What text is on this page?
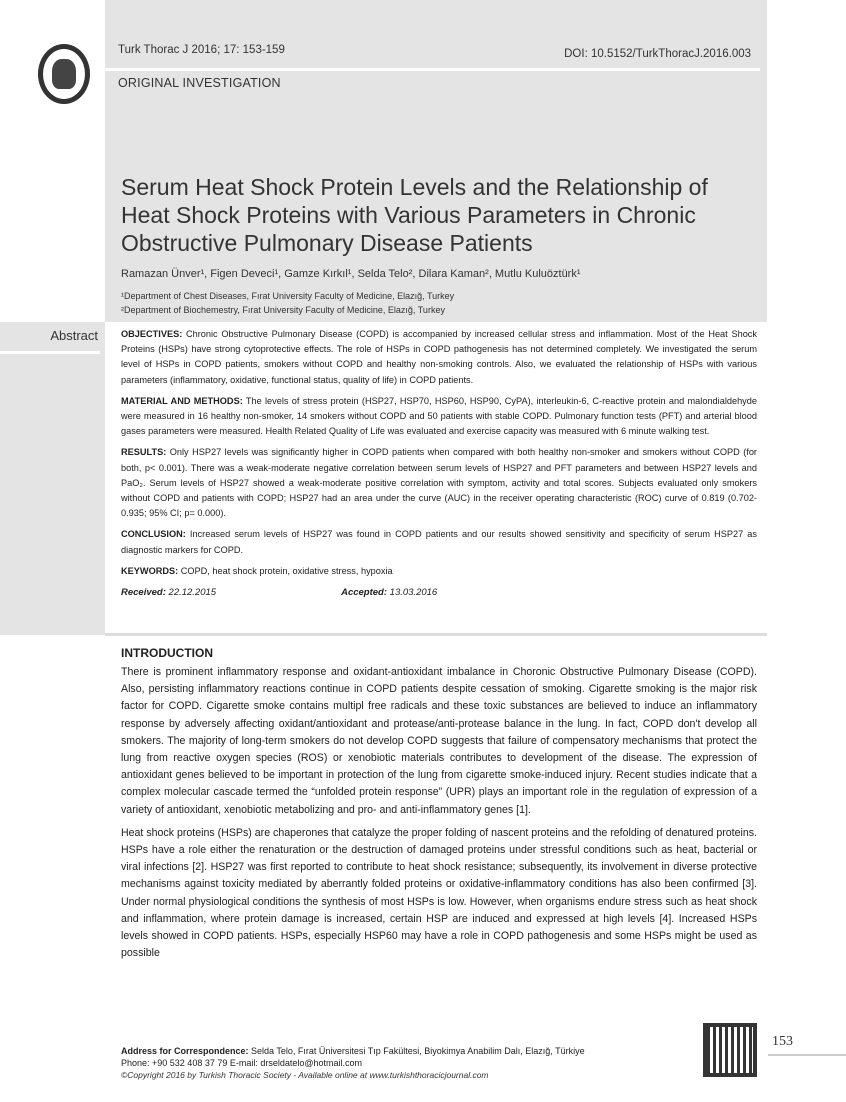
Turk Thorac J 2016; 17: 153-159	DOI: 10.5152/TurkThoracJ.2016.003
ORIGINAL INVESTIGATION
Serum Heat Shock Protein Levels and the Relationship of Heat Shock Proteins with Various Parameters in Chronic Obstructive Pulmonary Disease Patients
Ramazan Ünver¹, Figen Deveci¹, Gamze Kırkıl¹, Selda Telo², Dilara Kaman², Mutlu Kuluöztürk¹
¹Department of Chest Diseases, Fırat University Faculty of Medicine, Elazığ, Turkey
²Department of Biochemestry, Fırat University Faculty of Medicine, Elazığ, Turkey
Abstract	OBJECTIVES: Chronic Obstructive Pulmonary Disease (COPD) is accompanied by increased cellular stress and inflammation. Most of the Heat Shock Proteins (HSPs) have strong cytoprotective effects. The role of HSPs in COPD pathogenesis has not determined completely. We investigated the serum level of HSPs in COPD patients, smokers without COPD and healthy non-smoking controls. Also, we evaluated the relationship of HSPs with various parameters (inflammatory, oxidative, functional status, quality of life) in COPD patients.

MATERIAL AND METHODS: The levels of stress protein (HSP27, HSP70, HSP60, HSP90, CyPA), interleukin-6, C-reactive protein and malondialdehyde were measured in 16 healthy non-smoker, 14 smokers without COPD and 50 patients with stable COPD. Pulmonary function tests (PFT) and arterial blood gases parameters were measured. Health Related Quality of Life was evaluated and exercise capacity was measured with 6 minute walking test.

RESULTS: Only HSP27 levels was significantly higher in COPD patients when compared with both healthy non-smoker and smokers without COPD (for both, p< 0.001). There was a weak-moderate negative correlation between serum levels of HSP27 and PFT parameters and between HSP27 levels and PaO₂. Serum levels of HSP27 showed a weak-moderate positive correlation with symptom, activity and total scores. Subjects evaluated only smokers without COPD and patients with COPD; HSP27 had an area under the curve (AUC) in the receiver operating characteristic (ROC) curve of 0.819 (0.702-0.935; 95% CI; p= 0.000).

CONCLUSION: Increased serum levels of HSP27 was found in COPD patients and our results showed sensitivity and specificity of serum HSP27 as diagnostic markers for COPD.

KEYWORDS: COPD, heat shock protein, oxidative stress, hypoxia

Received: 22.12.2015	Accepted: 13.03.2016
INTRODUCTION

There is prominent inflammatory response and oxidant-antioxidant imbalance in Choronic Obstructive Pulmonary Disease (COPD). Also, persisting inflammatory reactions continue in COPD patients despite cessation of smoking. Cigarette smoking is the major risk factor for COPD. Cigarette smoke contains multipl free radicals and these toxic substances are believed to induce an inflammatory response by adversely affecting oxidant/antioxidant and protease/anti-protease balance in the lung. In fact, COPD don't develop all smokers. The majority of long-term smokers do not develop COPD suggests that failure of compensatory mechanisms that protect the lung from reactive oxygen species (ROS) or xenobiotic materials contributes to development of the disease. The expression of antioxidant genes believed to be important in protection of the lung from cigarette smoke-induced injury. Recent studies indicate that a complex molecular cascade termed the “unfolded protein response” (UPR) plays an important role in the regulation of expression of a variety of antioxidant, xenobiotic metabolizing and pro- and anti-inflammatory genes [1].

Heat shock proteins (HSPs) are chaperones that catalyze the proper folding of nascent proteins and the refolding of denatured proteins. HSPs have a role either the renaturation or the destruction of damaged proteins under stressful conditions such as heat, bacterial or viral infections [2]. HSP27 was first reported to contribute to heat shock resistance; subsequently, its involvement in diverse protective mechanisms against toxicity mediated by aberrantly folded proteins or oxidative-inflammatory conditions has also been confirmed [3]. Under normal physiological conditions the synthesis of most HSPs is low. However, when organisms endure stress such as heat shock and inflammation, where protein damage is increased, certain HSP are induced and expressed at high levels [4]. Increased HSPs levels showed in COPD patients. HSPs, especially HSP60 may have a role in COPD pathogenesis and some HSPs might be used as possible

Address for Correspondence: Selda Telo, Fırat Üniversitesi Tıp Fakültesi, Biyokimya Anabilim Dalı, Elazığ, Türkiye
Phone: +90 532 408 37 79 E-mail: drseldatelo@hotmail.com
©Copyright 2016 by Turkish Thoracic Society - Available online at www.turkishthoracicjournal.com
153
